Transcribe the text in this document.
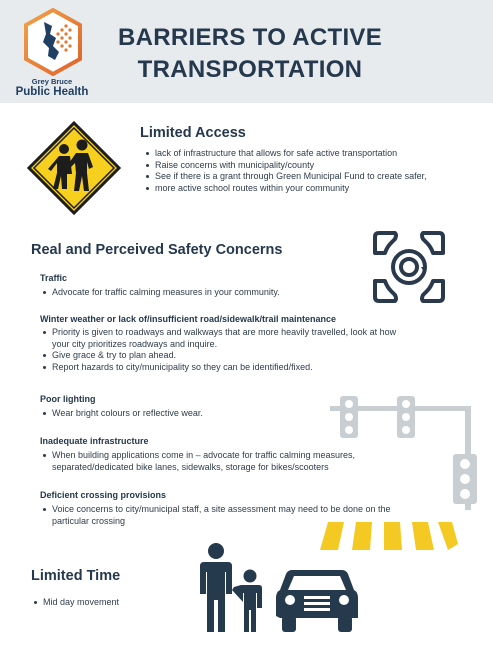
Grey Bruce
Public Health
BARRIERS TO ACTIVE
TRANSPORTATION
Limited Access
lack of infrastructure that allows for safe active transportation
Raise concerns with municipality/county
See if there is a grant through Green Municipal Fund to create safer,
more active school routes within your community
Real and Perceived Safety Concerns
Traffic
Advocate for traffic calming measures in your community.
Winter weather or lack of/insufficient road/sidewalk/trail maintenance
Priority is given to roadways and walkways that are more heavily travelled, look at how
your city prioritizes roadways and inquire.
Give grace & try to plan ahead.
Report hazards to city/municipality so they can be identified/fixed.
Poor lighting
Wear bright colours or reflective wear.
Inadequate infrastructure
When building applications come in – advocate for traffic calming measures,
separated/dedicated bike lanes, sidewalks, storage for bikes/scooters
Deficient crossing provisions
Voice concerns to city/municipal staff, a site assessment may need to be done on the
particular crossing
Limited Time
Mid day movement
